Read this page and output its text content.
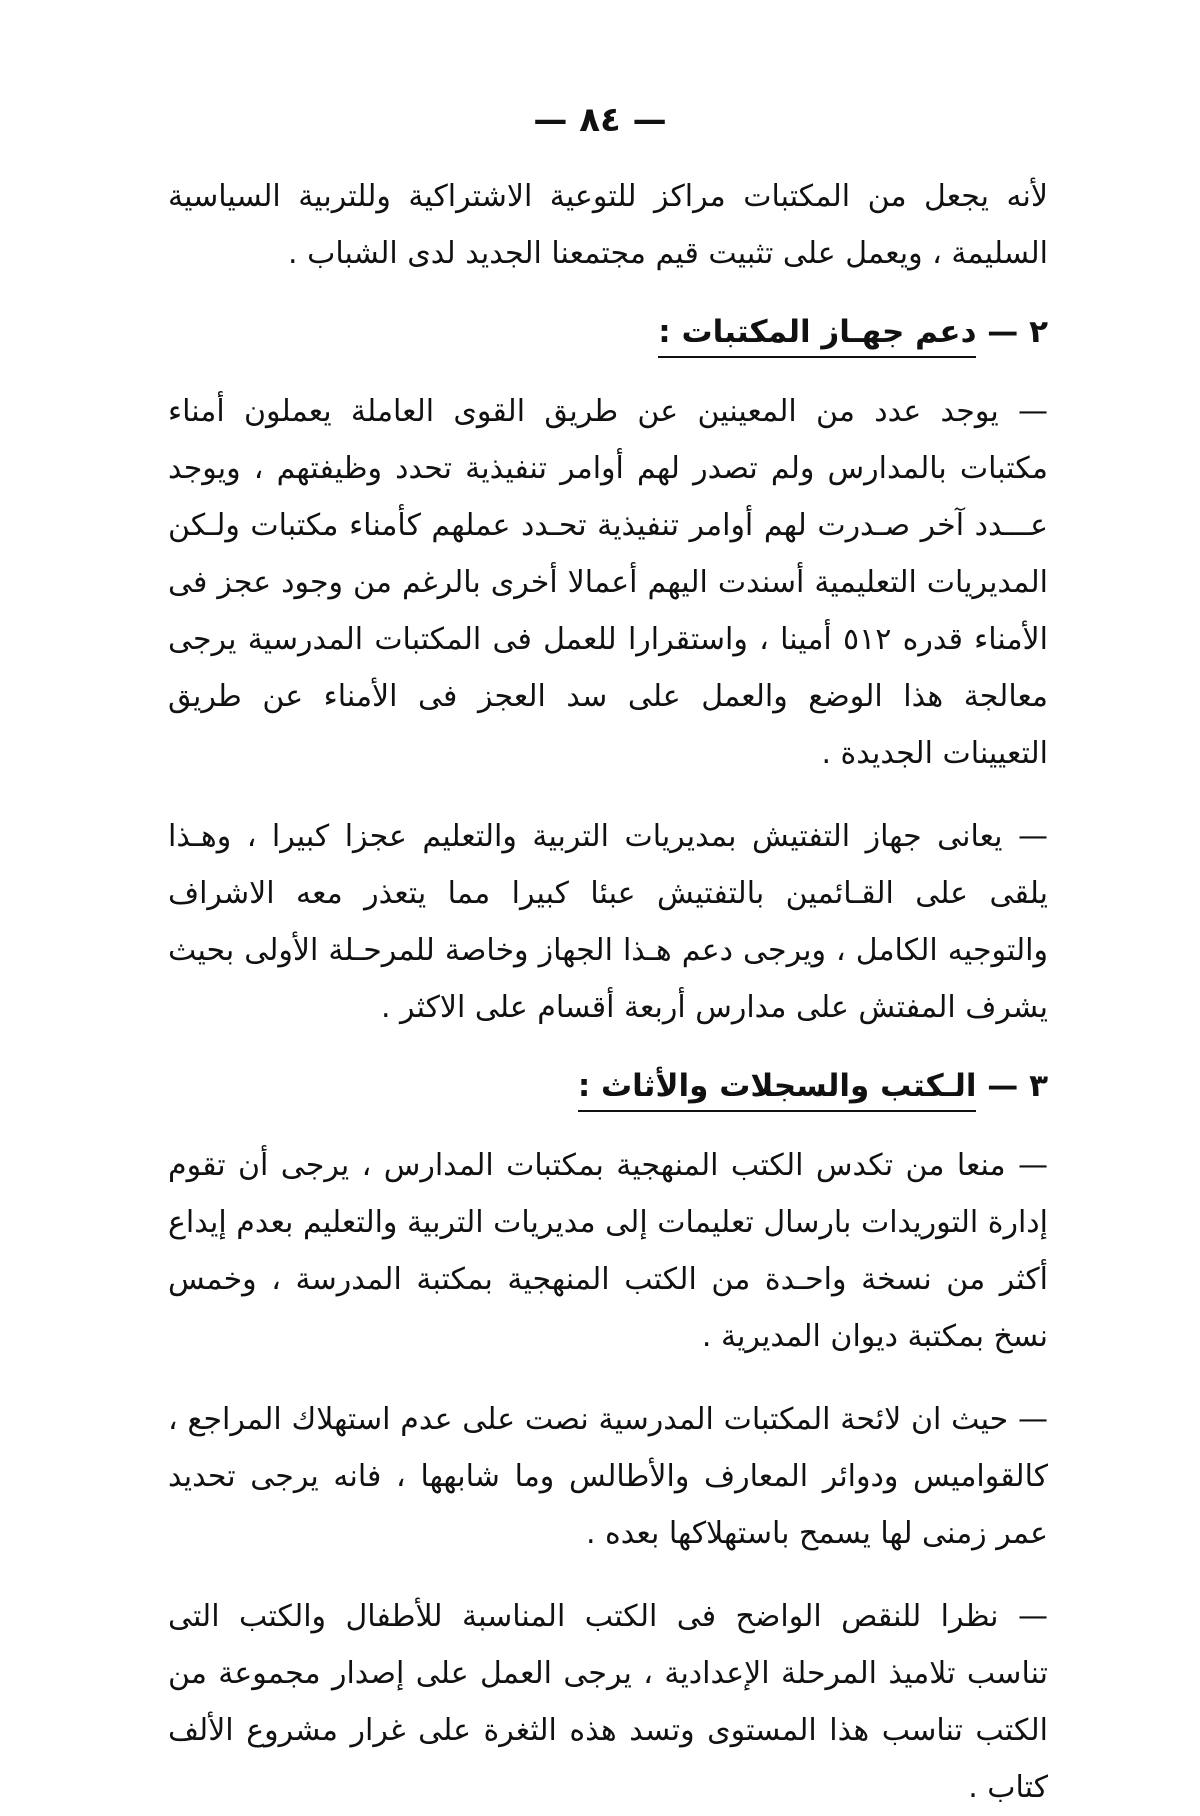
— ٨٤ —

لأنه يجعل من المكتبات مراكز للتوعية الاشتراكية وللتربية السياسية السليمة ، ويعمل على تثبيت قيم مجتمعنا الجديد لدى الشباب .

٢ — دعم جهـاز المكتبات :

— يوجد عدد من المعينين عن طريق القوى العاملة يعملون أمناء مكتبات بالمدارس ولم تصدر لهم أوامر تنفيذية تحدد وظيفتهم ، ويوجد عـــدد آخر صـدرت لهم أوامر تنفيذية تحـدد عملهم كأمناء مكتبات ولـكن المديريات التعليمية أسندت اليهم أعمالا أخرى بالرغم من وجود عجز فى الأمناء قدره ٥١٢ أمينا ، واستقرارا للعمل فى المكتبات المدرسية يرجى معالجة هذا الوضع والعمل على سد العجز فى الأمناء عن طريق التعيينات الجديدة .

— يعانى جهاز التفتيش بمديريات التربية والتعليم عجزا كبيرا ، وهـذا يلقى على القـائمين بالتفتيش عبئا كبيرا مما يتعذر معه الاشراف والتوجيه الكامل ، ويرجى دعم هـذا الجهاز وخاصة للمرحـلة الأولى بحيث يشرف المفتش على مدارس أربعة أقسام على الاكثر .

٣ — الـكتب والسجلات والأثاث :

— منعا من تكدس الكتب المنهجية بمكتبات المدارس ، يرجى أن تقوم إدارة التوريدات بارسال تعليمات إلى مديريات التربية والتعليم بعدم إيداع أكثر من نسخة واحـدة من الكتب المنهجية بمكتبة المدرسة ، وخمس نسخ بمكتبة ديوان المديرية .

— حيث ان لائحة المكتبات المدرسية نصت على عدم استهلاك المراجع ، كالقواميس ودوائر المعارف والأطالس وما شابهها ، فانه يرجى تحديد عمر زمنى لها يسمح باستهلاكها بعده .

— نظرا للنقص الواضح فى الكتب المناسبة للأطفال والكتب التى تناسب تلاميذ المرحلة الإعدادية ، يرجى العمل على إصدار مجموعة من الكتب تناسب هذا المستوى وتسد هذه الثغرة على غرار مشروع الألف كتاب .
